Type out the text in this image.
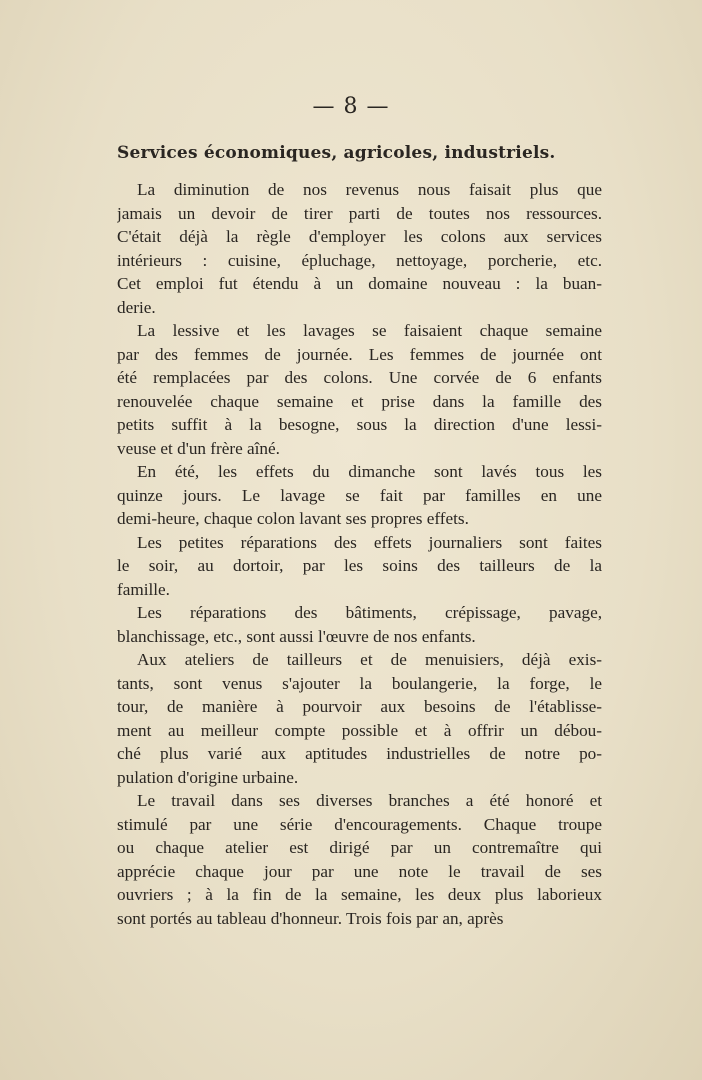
— 8 —
Services économiques, agricoles, industriels.
La diminution de nos revenus nous faisait plus que
jamais un devoir de tirer parti de toutes nos ressources.
C'était déjà la règle d'employer les colons aux services
intérieurs : cuisine, épluchage, nettoyage, porcherie, etc.
Cet emploi fut étendu à un domaine nouveau : la buan-
derie.
La lessive et les lavages se faisaient chaque semaine
par des femmes de journée. Les femmes de journée ont
été remplacées par des colons. Une corvée de 6 enfants
renouvelée chaque semaine et prise dans la famille des
petits suffit à la besogne, sous la direction d'une lessi-
veuse et d'un frère aîné.
En été, les effets du dimanche sont lavés tous les
quinze jours. Le lavage se fait par familles en une
demi-heure, chaque colon lavant ses propres effets.
Les petites réparations des effets journaliers sont faites
le soir, au dortoir, par les soins des tailleurs de la
famille.
Les réparations des bâtiments, crépissage, pavage,
blanchissage, etc., sont aussi l'œuvre de nos enfants.
Aux ateliers de tailleurs et de menuisiers, déjà exis-
tants, sont venus s'ajouter la boulangerie, la forge, le
tour, de manière à pourvoir aux besoins de l'établisse-
ment au meilleur compte possible et à offrir un débou-
ché plus varié aux aptitudes industrielles de notre po-
pulation d'origine urbaine.
Le travail dans ses diverses branches a été honoré et
stimulé par une série d'encouragements. Chaque troupe
ou chaque atelier est dirigé par un contremaître qui
apprécie chaque jour par une note le travail de ses
ouvriers ; à la fin de la semaine, les deux plus laborieux
sont portés au tableau d'honneur. Trois fois par an, après
